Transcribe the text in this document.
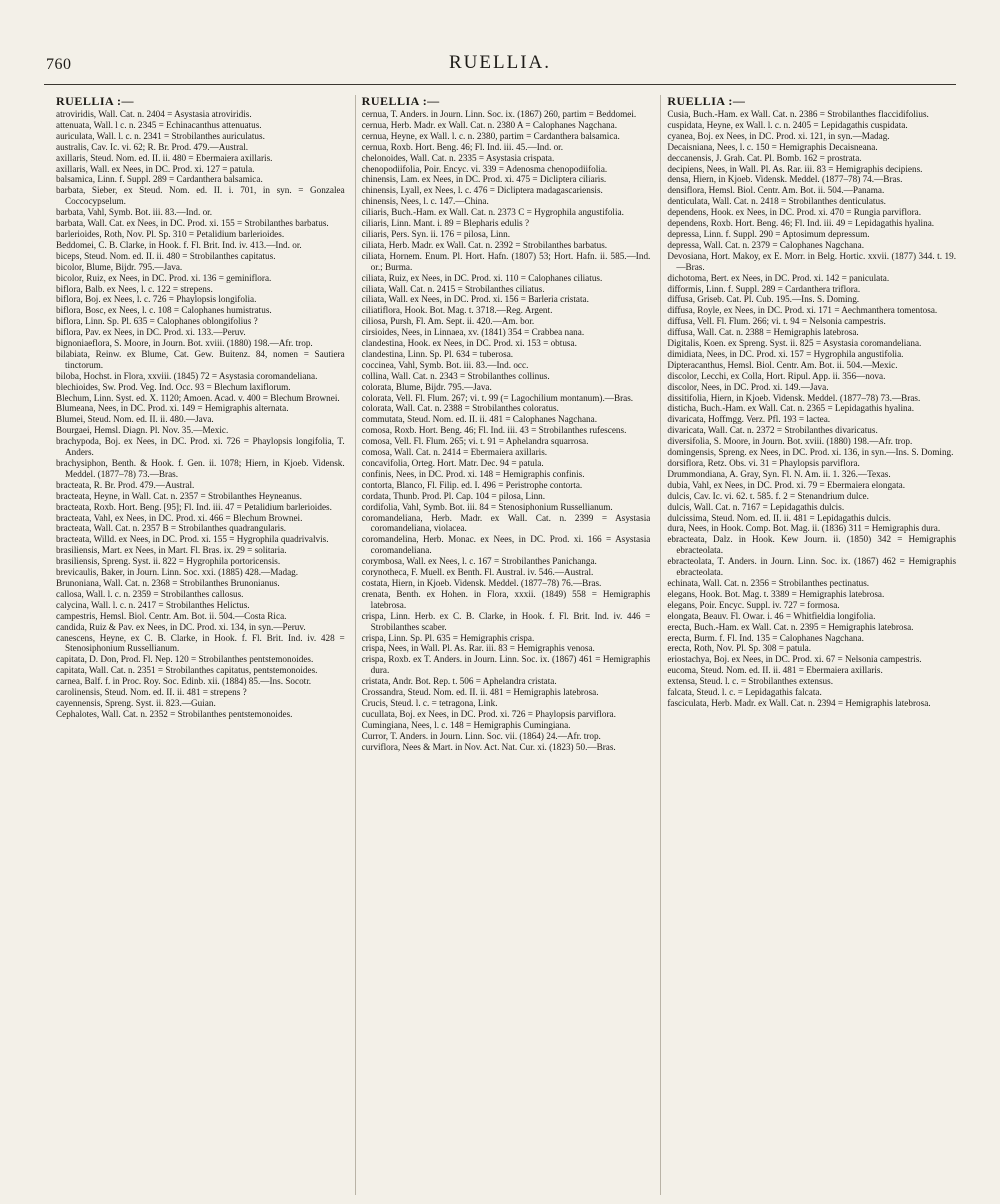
760	RUELLIA.
RUELLIA :—
atroviridis, Wall. Cat. n. 2404 = Asystasia atroviridis.
attenuata, Wall. l c. n. 2345 = Echinacanthus attenuatus.
auriculata, Wall. l. c. n. 2341 = Strobilanthes auriculatus.
australis, Cav. Ic. vi. 62; R. Br. Prod. 479.—Austral.
axillaris, Steud. Nom. ed. II. ii. 480 = Ebermaiera axillaris.
axillaris, Wall. ex Nees, in DC. Prod. xi. 127 = patula.
balsamica, Linn. f. Suppl. 289 = Cardanthera balsamica.
barbata, Sieber, ex Steud. Nom. ed. II. i. 701, in syn. = Gonzalea Coccocypselum.
barbata, Vahl, Symb. Bot. iii. 83.—Ind. or.
barbata, Wall. Cat. ex Nees, in DC. Prod. xi. 155 = Strobilanthes barbatus.
barlerioides, Roth, Nov. Pl. Sp. 310 = Petalidium barlerioides.
Beddomei, C. B. Clarke, in Hook. f. Fl. Brit. Ind. iv. 413.—Ind. or.
biceps, Steud. Nom. ed. II. ii. 480 = Strobilanthes capitatus.
bicolor, Blume, Bijdr. 795.—Java.
bicolor, Ruiz, ex Nees, in DC. Prod. xi. 136 = geminiflora.
biflora, Balb. ex Nees, l. c. 122 = strepens.
biflora, Boj. ex Nees, l. c. 726 = Phaylopsis longifolia.
biflora, Bosc, ex Nees, l. c. 108 = Calophanes humistratus.
biflora, Linn. Sp. Pl. 635 = Calophanes oblongifolius ?
biflora, Pav. ex Nees, in DC. Prod. xi. 133.—Peruv.
bignoniaeflora, S. Moore, in Journ. Bot. xviii. (1880) 198.—Afr. trop.
bilabiata, Reinw. ex Blume, Cat. Gew. Buitenz. 84, nomen = Sautiera tinctorum.
biloba, Hochst. in Flora, xxviii. (1845) 72 = Asystasia coromandeliana.
blechioides, Sw. Prod. Veg. Ind. Occ. 93 = Blechum laxiflorum.
Blechum, Linn. Syst. ed. X. 1120; Amoen. Acad. v. 400 = Blechum Brownei.
Blumeana, Nees, in DC. Prod. xi. 149 = Hemigraphis alternata.
Blumei, Steud. Nom. ed. II. ii. 480.—Java.
Bourgaei, Hemsl. Diagn. Pl. Nov. 35.—Mexic.
brachypoda, Boj. ex Nees, in DC. Prod. xi. 726 = Phaylopsis longifolia, T. Anders.
brachysiphon, Benth. & Hook. f. Gen. ii. 1078; Hiern, in Kjoeb. Vidensk. Meddel. (1877–78) 73.—Bras.
bracteata, R. Br. Prod. 479.—Austral.
bracteata, Heyne, in Wall. Cat. n. 2357 = Strobilanthes Heyneanus.
bracteata, Roxb. Hort. Beng. [95]; Fl. Ind. iii. 47 = Petalidium barlerioides.
bracteata, Vahl, ex Nees, in DC. Prod. xi. 466 = Blechum Brownei.
bracteata, Wall. Cat. n. 2357 B = Strobilanthes quadrangularis.
bracteata, Willd. ex Nees, in DC. Prod. xi. 155 = Hygrophila quadrivalvis.
brasiliensis, Mart. ex Nees, in Mart. Fl. Bras. ix. 29 = solitaria.
brasiliensis, Spreng. Syst. ii. 822 = Hygrophila portoricensis.
brevicaulis, Baker, in Journ. Linn. Soc. xxi. (1885) 428.—Madag.
Brunoniana, Wall. Cat. n. 2368 = Strobilanthes Brunonianus.
callosa, Wall. l. c. n. 2359 = Strobilanthes callosus.
calycina, Wall. l. c. n. 2417 = Strobilanthes Helictus.
campestris, Hemsl. Biol. Centr. Am. Bot. ii. 504.—Costa Rica.
candida, Ruiz & Pav. ex Nees, in DC. Prod. xi. 134, in syn.—Peruv.
canescens, Heyne, ex C. B. Clarke, in Hook. f. Fl. Brit. Ind. iv. 428 = Stenosiphonium Russellianum.
capitata, D. Don, Prod. Fl. Nep. 120 = Strobilanthes pentstemonoides.
capitata, Wall. Cat. n. 2351 = Strobilanthes capitatus, pentstemonoides.
carnea, Balf. f. in Proc. Roy. Soc. Edinb. xii. (1884) 85.—Ins. Socotr.
carolinensis, Steud. Nom. ed. II. ii. 481 = strepens ?
cayennensis, Spreng. Syst. ii. 823.—Guian.
Cephalotes, Wall. Cat. n. 2352 = Strobilanthes pentstemonoides.
RUELLIA :—
cernua, T. Anders. in Journ. Linn. Soc. ix. (1867) 260, partim = Beddomei.
cernua, Herb. Madr. ex Wall. Cat. n. 2380 A = Calophanes Nagchana.
cernua, Heyne, ex Wall. l. c. n. 2380, partim = Cardanthera balsamica.
cernua, Roxb. Hort. Beng. 46; Fl. Ind. iii. 45.—Ind. or.
chelonoides, Wall. Cat. n. 2335 = Asystasia crispata.
chenopodiifolia, Poir. Encyc. vi. 339 = Adenosma chenopodiifolia.
chinensis, Lam. ex Nees, in DC. Prod. xi. 475 = Dicliptera ciliaris.
chinensis, Lyall, ex Nees, l. c. 476 = Dicliptera madagascariensis.
chinensis, Nees, l. c. 147.—China.
ciliaris, Buch.-Ham. ex Wall. Cat. n. 2373 C = Hygrophila angustifolia.
ciliaris, Linn. Mant. i. 89 = Blepharis edulis ?
ciliaris, Pers. Syn. ii. 176 = pilosa, Linn.
ciliata, Herb. Madr. ex Wall. Cat. n. 2392 = Strobilanthes barbatus.
ciliata, Hornem. Enum. Pl. Hort. Hafn. (1807) 53; Hort. Hafn. ii. 585.—Ind. or.; Burma.
ciliata, Ruiz, ex Nees, in DC. Prod. xi. 110 = Calophanes ciliatus.
ciliata, Wall. Cat. n. 2415 = Strobilanthes ciliatus.
ciliata, Wall. ex Nees, in DC. Prod. xi. 156 = Barleria cristata.
ciliatiflora, Hook. Bot. Mag. t. 3718.—Reg. Argent.
ciliosa, Pursh, Fl. Am. Sept. ii. 420.—Am. bor.
cirsioides, Nees, in Linnaea, xv. (1841) 354 = Crabbea nana.
clandestina, Hook. ex Nees, in DC. Prod. xi. 153 = obtusa.
clandestina, Linn. Sp. Pl. 634 = tuberosa.
coccinea, Vahl, Symb. Bot. iii. 83.—Ind. occ.
collina, Wall. Cat. n. 2343 = Strobilanthes collinus.
colorata, Blume, Bijdr. 795.—Java.
colorata, Vell. Fl. Flum. 267; vi. t. 99 (= Lagochilium montanum).—Bras.
colorata, Wall. Cat. n. 2388 = Strobilanthes coloratus.
commutata, Steud. Nom. ed. II. ii. 481 = Calophanes Nagchana.
comosa, Roxb. Hort. Beng. 46; Fl. Ind. iii. 43 = Strobilanthes rufescens.
comosa, Vell. Fl. Flum. 265; vi. t. 91 = Aphelandra squarrosa.
comosa, Wall. Cat. n. 2414 = Ebermaiera axillaris.
concavifolia, Orteg. Hort. Matr. Dec. 94 = patula.
confinis, Nees, in DC. Prod. xi. 148 = Hemigraphis confinis.
contorta, Blanco, Fl. Filip. ed. I. 496 = Peristrophe contorta.
cordata, Thunb. Prod. Pl. Cap. 104 = pilosa, Linn.
cordifolia, Vahl, Symb. Bot. iii. 84 = Stenosiphonium Russellianum.
coromandeliana, Herb. Madr. ex Wall. Cat. n. 2399 = Asystasia coromandeliana, violacea.
coromandelina, Herb. Monac. ex Nees, in DC. Prod. xi. 166 = Asystasia coromandeliana.
corymbosa, Wall. ex Nees, l. c. 167 = Strobilanthes Panichanga.
corynotheca, F. Muell. ex Benth. Fl. Austral. iv. 546.—Austral.
costata, Hiern, in Kjoeb. Vidensk. Meddel. (1877–78) 76.—Bras.
crenata, Benth. ex Hohen. in Flora, xxxii. (1849) 558 = Hemigraphis latebrosa.
crispa, Linn. Herb. ex C. B. Clarke, in Hook. f. Fl. Brit. Ind. iv. 446 = Strobilanthes scaber.
crispa, Linn. Sp. Pl. 635 = Hemigraphis crispa.
crispa, Nees, in Wall. Pl. As. Rar. iii. 83 = Hemigraphis venosa.
crispa, Roxb. ex T. Anders. in Journ. Linn. Soc. ix. (1867) 461 = Hemigraphis dura.
cristata, Andr. Bot. Rep. t. 506 = Aphelandra cristata.
Crossandra, Steud. Nom. ed. II. ii. 481 = Hemigraphis latebrosa.
Crucis, Steud. l. c. = tetragona, Link.
cucullata, Boj. ex Nees, in DC. Prod. xi. 726 = Phaylopsis parviflora.
Cumingiana, Nees, l. c. 148 = Hemigraphis Cumingiana.
Curror, T. Anders. in Journ. Linn. Soc. vii. (1864) 24.—Afr. trop.
curviflora, Nees & Mart. in Nov. Act. Nat. Cur. xi. (1823) 50.—Bras.
RUELLIA :—
Cusia, Buch.-Ham. ex Wall. Cat. n. 2386 = Strobilanthes flaccidifolius.
cuspidata, Heyne, ex Wall. l. c. n. 2405 = Lepidagathis cuspidata.
cyanea, Boj. ex Nees, in DC. Prod. xi. 121, in syn.—Madag.
Decaisniana, Nees, l. c. 150 = Hemigraphis Decaisneana.
deccanensis, J. Grah. Cat. Pl. Bomb. 162 = prostrata.
decipiens, Nees, in Wall. Pl. As. Rar. iii. 83 = Hemigraphis decipiens.
densa, Hiern, in Kjoeb. Vidensk. Meddel. (1877–78) 74.—Bras.
densiflora, Hemsl. Biol. Centr. Am. Bot. ii. 504.—Panama.
denticulata, Wall. Cat. n. 2418 = Strobilanthes denticulatus.
dependens, Hook. ex Nees, in DC. Prod. xi. 470 = Rungia parviflora.
dependens, Roxb. Hort. Beng. 46; Fl. Ind. iii. 49 = Lepidagathis hyalina.
depressa, Linn. f. Suppl. 290 = Aptosimum depressum.
depressa, Wall. Cat. n. 2379 = Calophanes Nagchana.
Devosiana, Hort. Makoy, ex E. Morr. in Belg. Hortic. xxvii. (1877) 344. t. 19.—Bras.
dichotoma, Bert. ex Nees, in DC. Prod. xi. 142 = paniculata.
difformis, Linn. f. Suppl. 289 = Cardanthera triflora.
diffusa, Griseb. Cat. Pl. Cub. 195.—Ins. S. Doming.
diffusa, Royle, ex Nees, in DC. Prod. xi. 171 = Aechmanthera tomentosa.
diffusa, Vell. Fl. Flum. 266; vi. t. 94 = Nelsonia campestris.
diffusa, Wall. Cat. n. 2388 = Hemigraphis latebrosa.
Digitalis, Koen. ex Spreng. Syst. ii. 825 = Asystasia coromandeliana.
dimidiata, Nees, in DC. Prod. xi. 157 = Hygrophila angustifolia.
Dipteracanthus, Hemsl. Biol. Centr. Am. Bot. ii. 504.—Mexic.
discolor, Lecchi, ex Colla, Hort. Ripul. App. ii. 356—nova.
discolor, Nees, in DC. Prod. xi. 149.—Java.
dissitifolia, Hiern, in Kjoeb. Vidensk. Meddel. (1877–78) 73.—Bras.
disticha, Buch.-Ham. ex Wall. Cat. n. 2365 = Lepidagathis hyalina.
divaricata, Hoffmgg. Verz. Pfl. 193 = lactea.
divaricata, Wall. Cat. n. 2372 = Strobilanthes divaricatus.
diversifolia, S. Moore, in Journ. Bot. xviii. (1880) 198.—Afr. trop.
domingensis, Spreng. ex Nees, in DC. Prod. xi. 136, in syn.—Ins. S. Doming.
dorsiflora, Retz. Obs. vi. 31 = Phaylopsis parviflora.
Drummondiana, A. Gray, Syn. Fl. N. Am. ii. 1. 326.—Texas.
dubia, Vahl, ex Nees, in DC. Prod. xi. 79 = Ebermaiera elongata.
dulcis, Cav. Ic. vi. 62. t. 585. f. 2 = Stenandrium dulce.
dulcis, Wall. Cat. n. 7167 = Lepidagathis dulcis.
dulcissima, Steud. Nom. ed. II. ii. 481 = Lepidagathis dulcis.
dura, Nees, in Hook. Comp. Bot. Mag. ii. (1836) 311 = Hemigraphis dura.
ebracteata, Dalz. in Hook. Kew Journ. ii. (1850) 342 = Hemigraphis ebracteolata.
ebracteolata, T. Anders. in Journ. Linn. Soc. ix. (1867) 462 = Hemigraphis ebracteolata.
echinata, Wall. Cat. n. 2356 = Strobilanthes pectinatus.
elegans, Hook. Bot. Mag. t. 3389 = Hemigraphis latebrosa.
elegans, Poir. Encyc. Suppl. iv. 727 = formosa.
elongata, Beauv. Fl. Owar. i. 46 = Whitfieldia longifolia.
erecta, Buch.-Ham. ex Wall. Cat. n. 2395 = Hemigraphis latebrosa.
erecta, Burm. f. Fl. Ind. 135 = Calophanes Nagchana.
erecta, Roth, Nov. Pl. Sp. 308 = patula.
eriostachya, Boj. ex Nees, in DC. Prod. xi. 67 = Nelsonia campestris.
eucoma, Steud. Nom. ed. II. ii. 481 = Ebermaiera axillaris.
extensa, Steud. l. c. = Strobilanthes extensus.
falcata, Steud. l. c. = Lepidagathis falcata.
fasciculata, Herb. Madr. ex Wall. Cat. n. 2394 = Hemigraphis latebrosa.
